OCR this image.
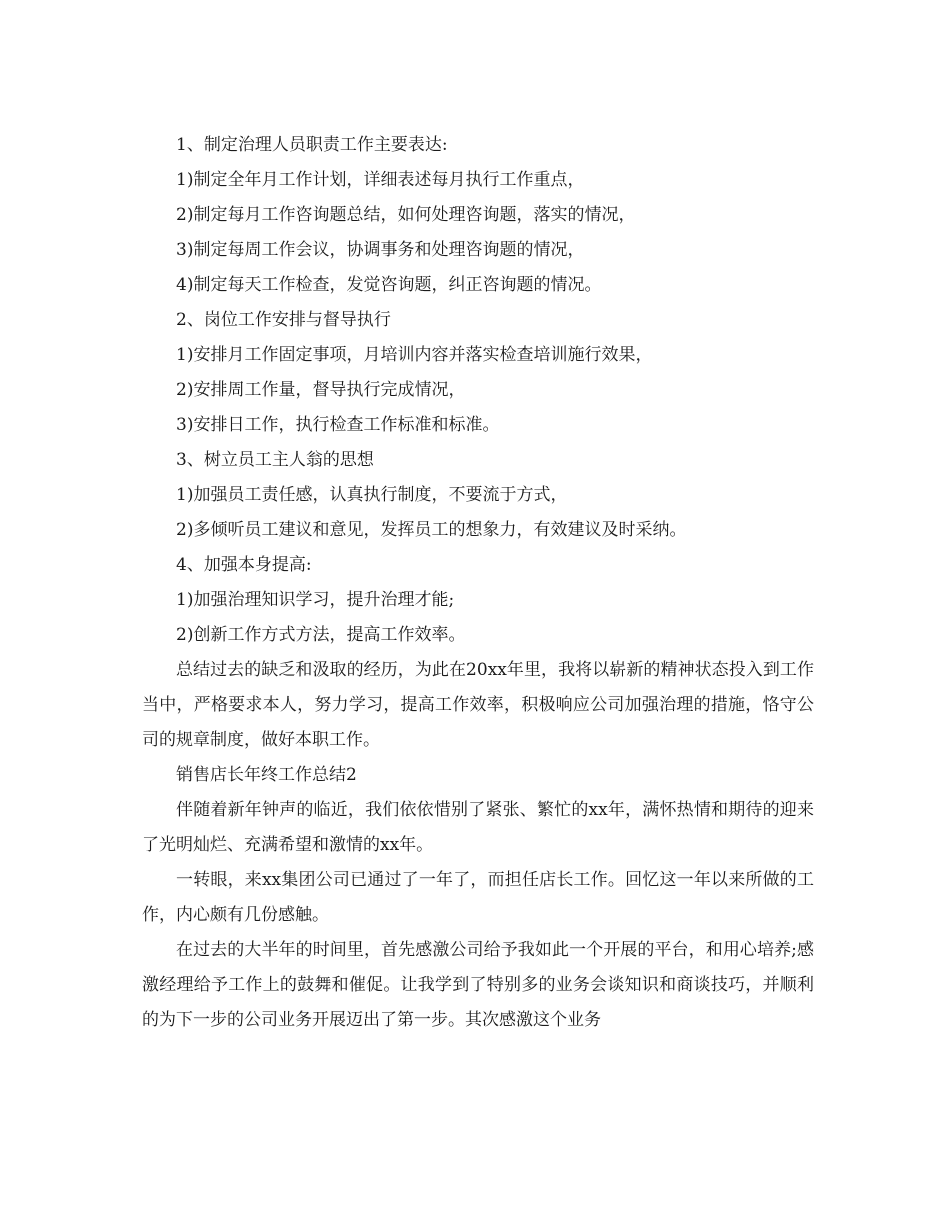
1、制定治理人员职责工作主要表达:

1)制定全年月工作计划，详细表述每月执行工作重点，

2)制定每月工作咨询题总结，如何处理咨询题，落实的情况，

3)制定每周工作会议，协调事务和处理咨询题的情况，

4)制定每天工作检查，发觉咨询题，纠正咨询题的情况。

2、岗位工作安排与督导执行

1)安排月工作固定事项，月培训内容并落实检查培训施行效果，

2)安排周工作量，督导执行完成情况，

3)安排日工作，执行检查工作标准和标准。

3、树立员工主人翁的思想

1)加强员工责任感，认真执行制度，不要流于方式，

2)多倾听员工建议和意见，发挥员工的想象力，有效建议及时采纳。

4、加强本身提高:

1)加强治理知识学习，提升治理才能;

2)创新工作方式方法，提高工作效率。

总结过去的缺乏和汲取的经历，为此在20xx年里，我将以崭新的精神状态投入到工作当中，严格要求本人，努力学习，提高工作效率，积极响应公司加强治理的措施，恪守公司的规章制度，做好本职工作。

销售店长年终工作总结2

伴随着新年钟声的临近，我们依依惜别了紧张、繁忙的xx年，满怀热情和期待的迎来了光明灿烂、充满希望和激情的xx年。

一转眼，来xx集团公司已通过了一年了，而担任店长工作。回忆这一年以来所做的工作，内心颇有几份感触。

在过去的大半年的时间里，首先感激公司给予我如此一个开展的平台，和用心培养;感激经理给予工作上的鼓舞和催促。让我学到了特别多的业务会谈知识和商谈技巧，并顺利的为下一步的公司业务开展迈出了第一步。其次感激这个业务
